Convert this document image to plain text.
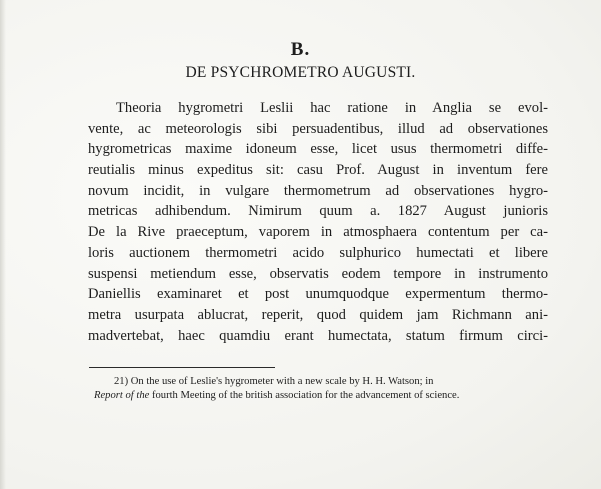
B.
DE PSYCHROMETRO AUGUSTI.
Theoria hygrometri Leslii hac ratione in Anglia se evol-
vente, ac meteorologis sibi persuadentibus, illud ad observationes
hygrometricas maxime idoneum esse, licet usus thermometri diffe-
reutialis minus expeditus sit: casu Prof. August in inventum fere
novum incidit, in vulgare thermometrum ad observationes hygro-
metricas adhibendum. Nimirum quum a. 1827 August junioris
De la Rive praeceptum, vaporem in atmosphaera contentum per ca-
loris auctionem thermometri acido sulphurico humectati et libere
suspensi metiendum esse, observatis eodem tempore in instrumento
Daniellis examinaret et post unumquodque expermentum thermo-
metra usurpata ablucrat, reperit, quod quidem jam Richmann ani-
madvertebat, haec quamdiu erant humectata, statum firmum circi-
21) On the use of Leslie's hygrometer with a new scale by H. H. Watson; in
Report of the fourth Meeting of the british association for the advancement of science.
